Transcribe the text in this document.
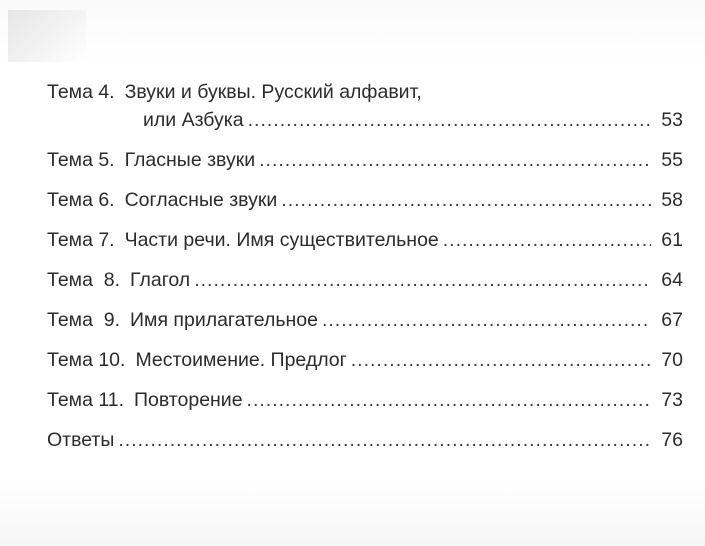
Тема 4. Звуки и буквы. Русский алфавит,
или Азбука .....	53
Тема 5. Гласные звуки .....	55
Тема 6. Согласные звуки .....	58
Тема 7. Части речи. Имя существительное .....	61
Тема  8. Глагол .....	64
Тема  9. Имя прилагательное .....	67
Тема 10. Местоимение. Предлог .....	70
Тема 11. Повторение .....	73
Ответы .....	76
